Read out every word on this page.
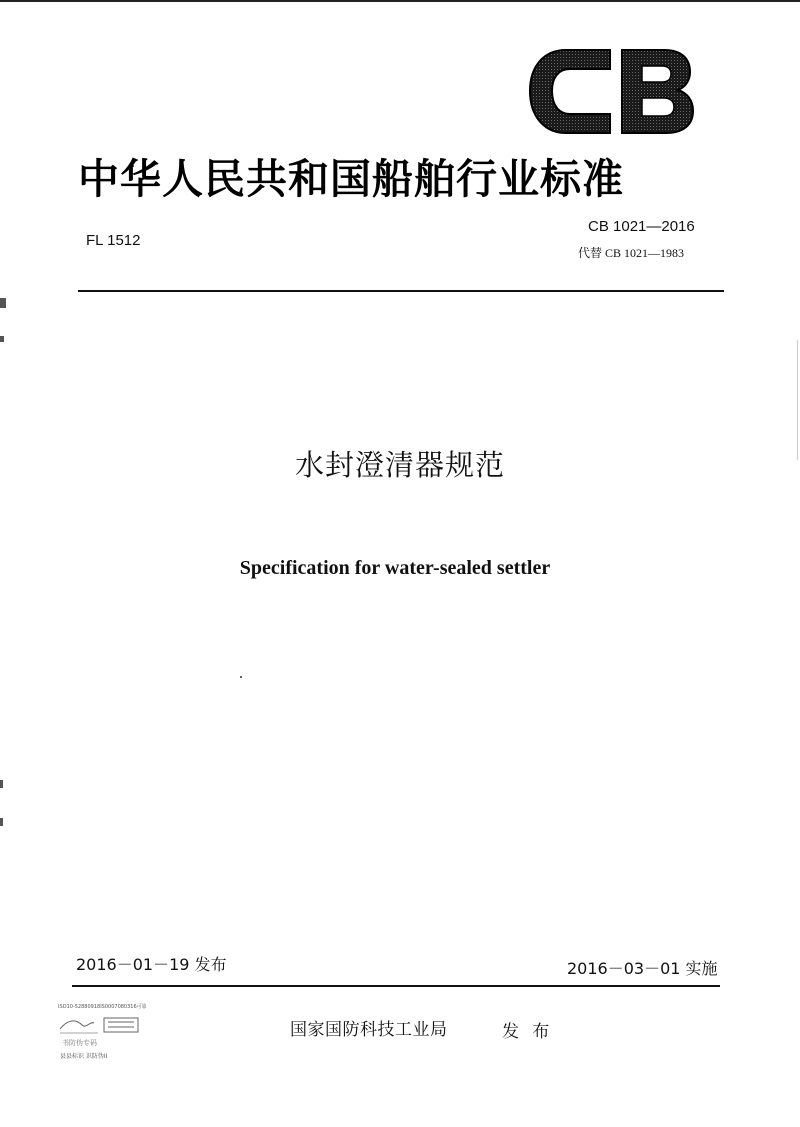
中华人民共和国船舶行业标准
FL 1512
CB 1021—2016
代替 CB 1021—1983
水封澄清器规范
Specification for water-sealed settler
2016－01－19 发布	2016－03－01 实施
ISO10-52880918IS0007080316可靠
书防伪专码
县县标识 识防伪II
国家国防科技工业局	发 布
